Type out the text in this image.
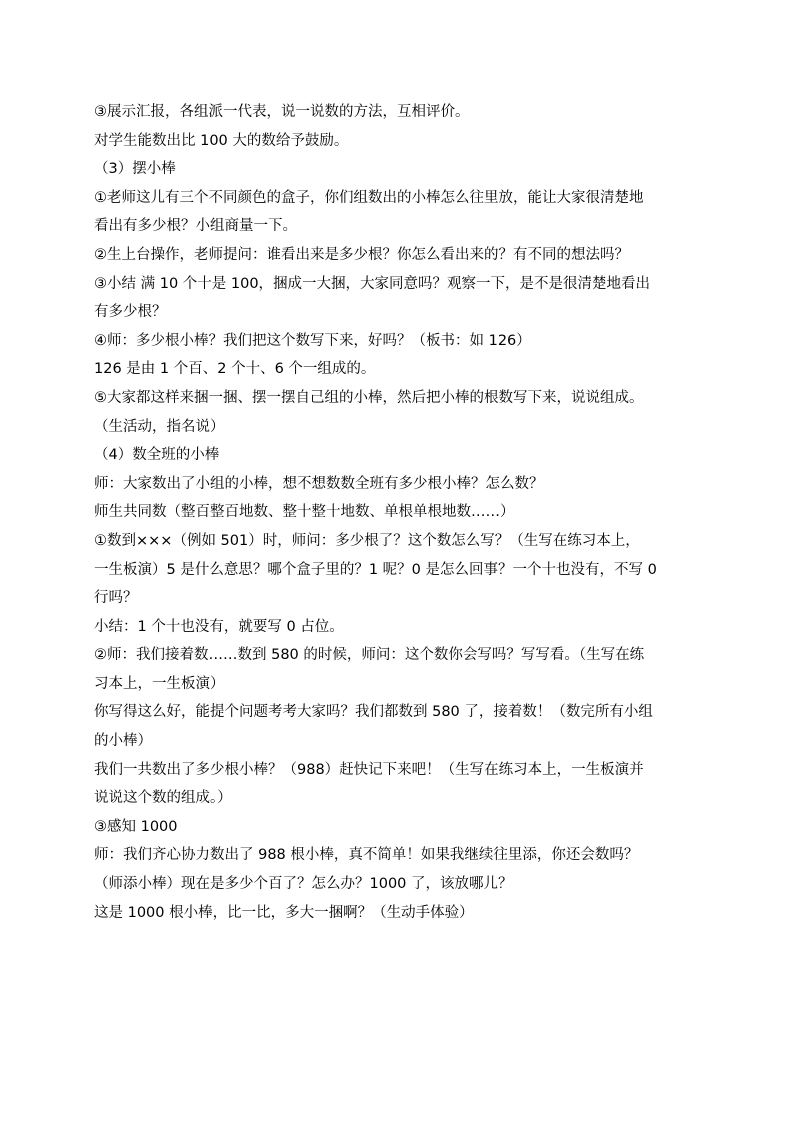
③展示汇报，各组派一代表，说一说数的方法，互相评价。

对学生能数出比 100 大的数给予鼓励。

（3）摆小棒

①老师这儿有三个不同颜色的盒子，你们组数出的小棒怎么往里放，能让大家很清楚地

看出有多少根？小组商量一下。

②生上台操作，老师提问：谁看出来是多少根？你怎么看出来的？有不同的想法吗？

③小结 满 10 个十是 100，捆成一大捆，大家同意吗？观察一下，是不是很清楚地看出

有多少根？

④师：多少根小棒？我们把这个数写下来，好吗？（板书：如 126）

126 是由 1 个百、2 个十、6 个一组成的。

⑤大家都这样来捆一捆、摆一摆自己组的小棒，然后把小棒的根数写下来，说说组成。

（生活动，指名说）

（4）数全班的小棒

师：大家数出了小组的小棒，想不想数数全班有多少根小棒？怎么数？

师生共同数（整百整百地数、整十整十地数、单根单根地数……）

①数到×××（例如 501）时，师问：多少根了？这个数怎么写？（生写在练习本上，

一生板演）5 是什么意思？哪个盒子里的？1 呢？0 是怎么回事？一个十也没有，不写 0

行吗？

小结：1 个十也没有，就要写 0 占位。

②师：我们接着数……数到 580 的时候，师问：这个数你会写吗？写写看。（生写在练

习本上，一生板演）

你写得这么好，能提个问题考考大家吗？我们都数到 580 了，接着数！（数完所有小组

的小棒）

我们一共数出了多少根小棒？（988）赶快记下来吧！（生写在练习本上，一生板演并

说说这个数的组成。）

③感知 1000

师：我们齐心协力数出了 988 根小棒，真不简单！如果我继续往里添，你还会数吗？

（师添小棒）现在是多少个百了？怎么办？1000 了，该放哪儿？

这是 1000 根小棒，比一比，多大一捆啊？（生动手体验）
